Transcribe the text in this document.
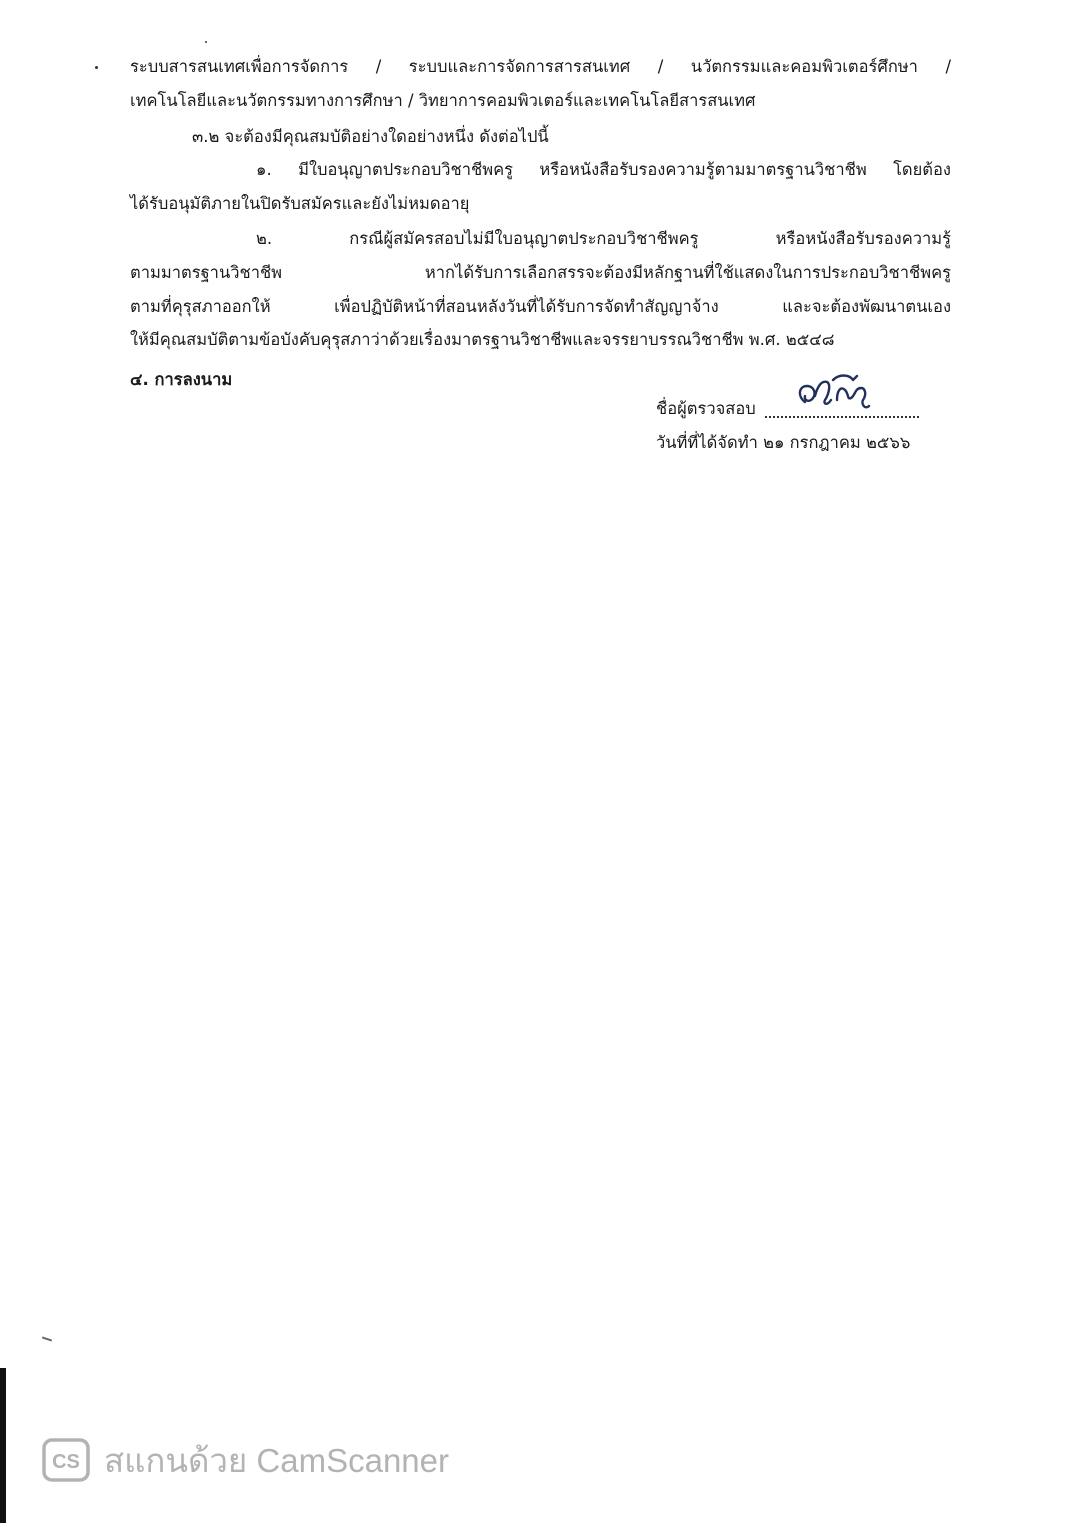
ระบบสารสนเทศเพื่อการจัดการ / ระบบและการจัดการสารสนเทศ / นวัตกรรมและคอมพิวเตอร์ศึกษา /
เทคโนโลยีและนวัตกรรมทางการศึกษา / วิทยาการคอมพิวเตอร์และเทคโนโลยีสารสนเทศ
๓.๒ จะต้องมีคุณสมบัติอย่างใดอย่างหนึ่ง ดังต่อไปนี้
๑. มีใบอนุญาตประกอบวิชาชีพครู หรือหนังสือรับรองความรู้ตามมาตรฐานวิชาชีพ โดยต้อง
ได้รับอนุมัติภายในปิดรับสมัครและยังไม่หมดอายุ
๒. กรณีผู้สมัครสอบไม่มีใบอนุญาตประกอบวิชาชีพครู หรือหนังสือรับรองความรู้
ตามมาตรฐานวิชาชีพ หากได้รับการเลือกสรรจะต้องมีหลักฐานที่ใช้แสดงในการประกอบวิชาชีพครู
ตามที่คุรุสภาออกให้ เพื่อปฏิบัติหน้าที่สอนหลังวันที่ได้รับการจัดทำสัญญาจ้าง และจะต้องพัฒนาตนเอง
ให้มีคุณสมบัติตามข้อบังคับคุรุสภาว่าด้วยเรื่องมาตรฐานวิชาชีพและจรรยาบรรณวิชาชีพ พ.ศ. ๒๕๔๘
๔. การลงนาม
ชื่อผู้ตรวจสอบ
วันที่ที่ได้จัดทำ ๒๑ กรกฎาคม ๒๕๖๖
CS สแกนด้วย CamScanner
